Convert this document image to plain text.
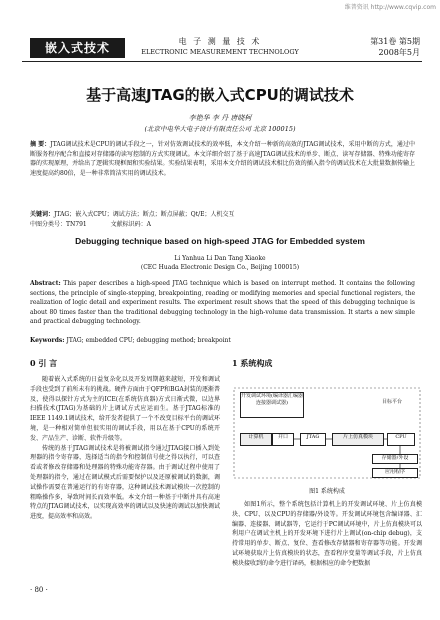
维普资讯 http://www.cqvip.com
嵌入式技术	电 子 测 量 技 术
ELECTRONIC MEASUREMENT TECHNOLOGY
第31卷 第5期
2008年5月
基于高速JTAG的嵌入式CPU的调试技术
李艳华 李 丹 唐晓柯
(北京中电华大电子设计有限责任公司 北京 100015)
摘 要：JTAG调试技术是CPU的调试手段之一，针对仿效调试技术的效率低，本文介绍一种新的高效的JTAG调试技术，采用中断的方式，通过中断服务程序配合和直接对存储器的读写控制的方式实现调试。本文详细介绍了基于高速JTAG调试技术的单步、断点、读写存储器、特殊功能寄存器的实现原理，并给出了逻辑实现框图和实验结果。实验结果表明，采用本文介绍的调试技术相比仿效的插入指令的调试技术在大批量数据传输上速度提高约80倍，是一种非常简洁实用的调试技术。
关键词：JTAG；嵌入式CPU；调试方法；断点；断点屏蔽；Qt/E；人机交互
中图分类号：TN791	文献标识码：A
Debugging technique based on high-speed JTAG for Embedded system
Li Yanhua Li Dan Tang Xiaoke
(CEC Huada Electronic Design Co., Beijing 100015)
Abstract: This paper describes a high-speed JTAG technique which is based on interrupt method. It contains the following sections, the principle of single-stepping, breakpointing, reading or modifying memories and special functional registers, the realization of logic detail and experiment results. The experiment result shows that the speed of this debugging technique is about 80 times faster than the traditional debugging technology in the high-volume data transmission. It starts a new simple and practical debugging technology.
Keywords: JTAG; embedded CPU; debugging method; breakpoint
0 引 言
随着嵌入式系统的日益复杂化以及开发周期越来越短，开发和调试手段也受到了前所未有的挑战。硬件方面由于QFP和BGA封装的逐渐普及，使得以探针方式为主的ICE(在系统仿真器)方式日渐式微，以边界扫描技术(JTAG)为基础的片上调试方式应运而生。基于JTAG标准的IEEE 1149.1调试技术，给开发者提供了一个不改变目标平台的调试环境，是一种相对简单但很实用的调试手段，用以在基于CPU的系统开发、产品生产、诊断、软件升级等。
传统的基于JTAG调试技术是将被调试指令通过JTAG接口插入到处理器的指令寄存器，选择适当的指令和控制信号使之得以执行，可以查看或者修改存储器和处理器的特殊功能寄存器。由于调试过程中使用了处理器的指令，通过在调试模式后需要保护以及还原被调试的数据，调试操作需要在普通运行的有寄存器，这种调试技术调试模块一次控制的粗略操作多，导致时间长而效率低。本文介绍一种基于中断并具有高速特点的JTAG调试技术，以实现高效率的调试以及快速的调试以加快调试进度，提高效率和高效。
1 系统构成
开发调试环境(编译器汇编器连接器调试器)
计算机	并口	JTAG	片上仿真模块
目标平台
CPU
存储器/外设
应用程序
图1 系统构成
如图1所示，整个系统包括计算机上的开发调试环境、片上仿真模块、CPU、以及CPU的存储器/外设等。开发调试环境包含编译器、汇编器、连接器、调试器等，它运行于PC调试环境中，片上仿真模块可以利用户在调试主机上的开发环境下进行片上调试(on-chip debug)，支持常用的单步、断点、复位、查看修改存储器和寄存器等功能。开发调试环境获取片上仿真模块的状态，查看程序变量等调试手段，片上仿真模块接收到的命令进行译码，根据相应的命令把数据
· 80 ·
